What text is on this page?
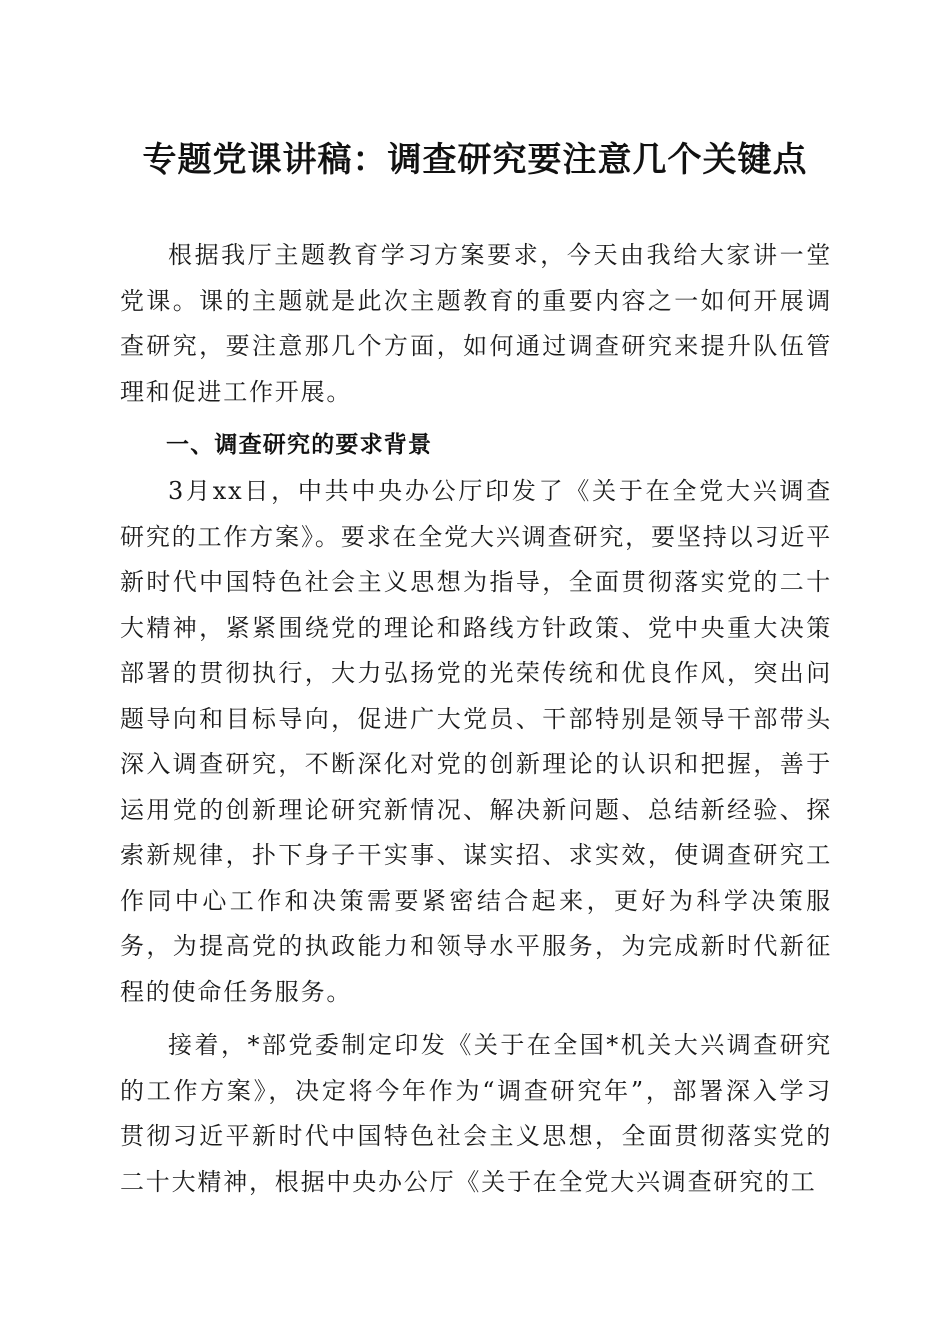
专题党课讲稿：调查研究要注意几个关键点

根据我厅主题教育学习方案要求，今天由我给大家讲一堂党课。课的主题就是此次主题教育的重要内容之一如何开展调查研究，要注意那几个方面，如何通过调查研究来提升队伍管理和促进工作开展。

一、调查研究的要求背景

3月xx日，中共中央办公厅印发了《关于在全党大兴调查研究的工作方案》。要求在全党大兴调查研究，要坚持以习近平新时代中国特色社会主义思想为指导，全面贯彻落实党的二十大精神，紧紧围绕党的理论和路线方针政策、党中央重大决策部署的贯彻执行，大力弘扬党的光荣传统和优良作风，突出问题导向和目标导向，促进广大党员、干部特别是领导干部带头深入调查研究，不断深化对党的创新理论的认识和把握，善于运用党的创新理论研究新情况、解决新问题、总结新经验、探索新规律，扑下身子干实事、谋实招、求实效，使调查研究工作同中心工作和决策需要紧密结合起来，更好为科学决策服务，为提高党的执政能力和领导水平服务，为完成新时代新征程的使命任务服务。

接着，*部党委制定印发《关于在全国*机关大兴调查研究的工作方案》，决定将今年作为“调查研究年”，部署深入学习贯彻习近平新时代中国特色社会主义思想，全面贯彻落实党的二十大精神，根据中央办公厅《关于在全党大兴调查研究的工
